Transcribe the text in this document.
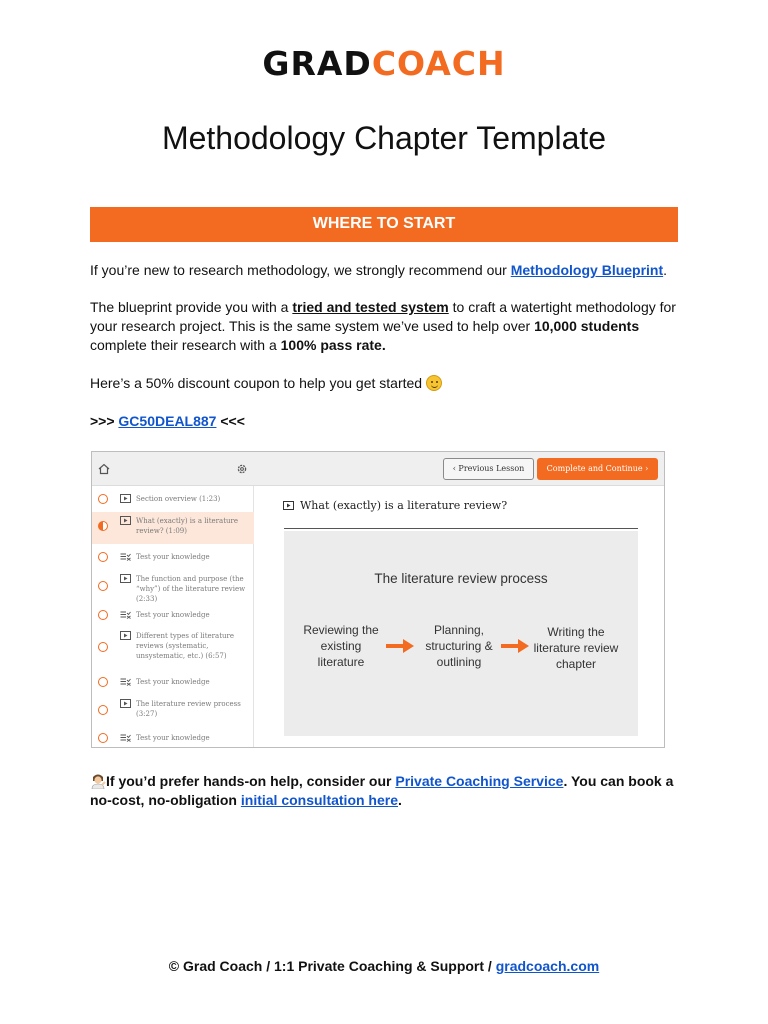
GRADCOACH
Methodology Chapter Template
WHERE TO START

If you’re new to research methodology, we strongly recommend our Methodology Blueprint.

The blueprint provide you with a tried and tested system to craft a watertight methodology for your research project. This is the same system we’ve used to help over 10,000 students complete their research with a 100% pass rate.

Here’s a 50% discount coupon to help you get started

>>> GC50DEAL887 <<<

‹ Previous Lesson	Complete and Continue ›
Section overview (1:23)
What (exactly) is a literature review? (1:09)
Test your knowledge
The function and purpose (the “why”) of the literature review (2:33)
Test your knowledge
Different types of literature reviews (systematic, unsystematic, etc.) (6:57)
Test your knowledge
The literature review process (3:27)
Test your knowledge
What (exactly) is a literature review?
The literature review process
Reviewing the existing literature
Planning, structuring & outlining
Writing the literature review chapter

If you’d prefer hands-on help, consider our Private Coaching Service. You can book a no-cost, no-obligation initial consultation here.

© Grad Coach / 1:1 Private Coaching & Support / gradcoach.com
